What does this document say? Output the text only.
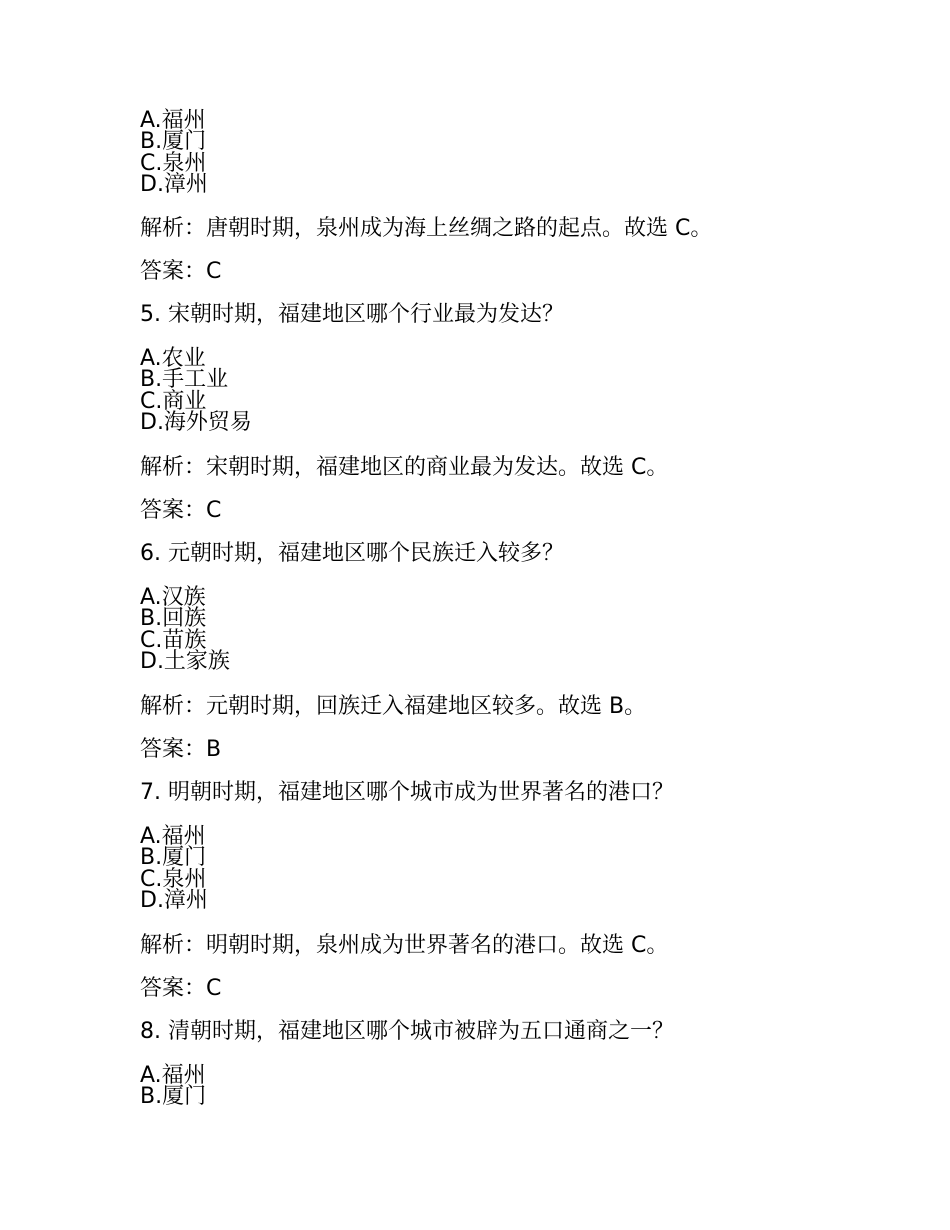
A.福州
B.厦门
C.泉州
D.漳州
解析：唐朝时期，泉州成为海上丝绸之路的起点。故选 C。
答案：C
5. 宋朝时期，福建地区哪个行业最为发达？
A.农业
B.手工业
C.商业
D.海外贸易
解析：宋朝时期，福建地区的商业最为发达。故选 C。
答案：C
6. 元朝时期，福建地区哪个民族迁入较多？
A.汉族
B.回族
C.苗族
D.土家族
解析：元朝时期，回族迁入福建地区较多。故选 B。
答案：B
7. 明朝时期，福建地区哪个城市成为世界著名的港口？
A.福州
B.厦门
C.泉州
D.漳州
解析：明朝时期，泉州成为世界著名的港口。故选 C。
答案：C
8. 清朝时期，福建地区哪个城市被辟为五口通商之一？
A.福州
B.厦门
